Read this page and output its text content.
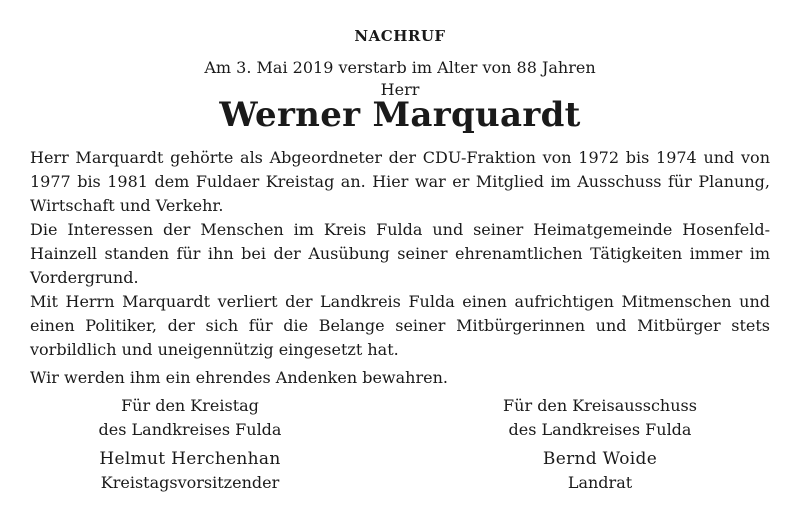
NACHRUF
Am 3. Mai 2019 verstarb im Alter von 88 Jahren
Herr
Werner Marquardt

Herr Marquardt gehörte als Abgeordneter der CDU-Fraktion von 1972 bis 1974 und von 1977 bis 1981 dem Fuldaer Kreistag an. Hier war er Mitglied im Ausschuss für Planung, Wirtschaft und Verkehr.

Die Interessen der Menschen im Kreis Fulda und seiner Heimatgemeinde Hosenfeld-Hainzell standen für ihn bei der Ausübung seiner ehrenamtlichen Tätigkeiten immer im Vordergrund.

Mit Herrn Marquardt verliert der Landkreis Fulda einen aufrichtigen Mitmenschen und einen Politiker, der sich für die Belange seiner Mitbürgerinnen und Mitbürger stets vorbildlich und uneigennützig eingesetzt hat.

Wir werden ihm ein ehrendes Andenken bewahren.
Für den Kreistag
des Landkreises Fulda
Helmut Herchenhan
Kreistagsvorsitzender
Für den Kreisausschuss
des Landkreises Fulda
Bernd Woide
Landrat
